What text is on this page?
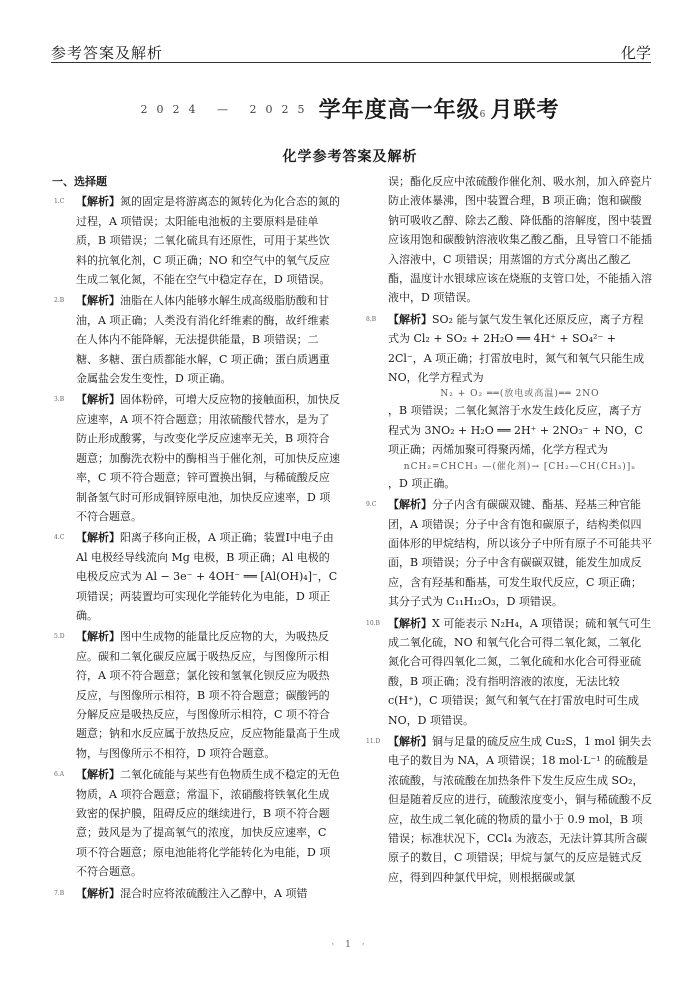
参考答案及解析	化学
$^{2024 — 2025}$ 学年度高一年级6 月联考
化学参考答案及解析
一、选择题
1.C 【解析】氮的固定是将游离态的氮转化为化合态的氮的过程，A 项错误；太阳能电池板的主要原料是硅单质，B 项错误；二氧化硫具有还原性，可用于某些饮料的抗氧化剂，C 项正确；NO 和空气中的氧气反应生成二氧化氮，不能在空气中稳定存在，D 项错误。
2.B 【解析】油脂在人体内能够水解生成高级脂肪酸和甘油，A 项正确；人类没有消化纤维素的酶，故纤维素在人体内不能降解，无法提供能量，B 项错误；二糖、多糖、蛋白质都能水解，C 项正确；蛋白质遇重金属盐会发生变性，D 项正确。
3.B 【解析】固体粉碎，可增大反应物的接触面积，加快反应速率，A 项不符合题意；用浓硫酸代替水，是为了防止形成酸雾，与改变化学反应速率无关，B 项符合题意；加酶洗衣粉中的酶相当于催化剂，可加快反应速率，C 项不符合题意；锌可置换出铜，与稀硫酸反应制备氢气时可形成铜锌原电池，加快反应速率，D 项不符合题意。
4.C 【解析】阳离子移向正极，A 项正确；装置Ⅰ中电子由 Al 电极经导线流向 Mg 电极，B 项正确；Al 电极的电极反应式为 Al − 3e⁻ + 4OH⁻ ══ [Al(OH)₄]⁻，C 项错误；两装置均可实现化学能转化为电能，D 项正确。
5.D 【解析】图中生成物的能量比反应物的大，为吸热反应。碳和二氧化碳反应属于吸热反应，与图像所示相符，A 项不符合题意；氯化铵和氢氧化钡反应为吸热反应，与图像所示相符，B 项不符合题意；碳酸钙的分解反应是吸热反应，与图像所示相符，C 项不符合题意；钠和水反应属于放热反应，反应物能量高于生成物，与图像所示不相符，D 项符合题意。
6.A 【解析】二氧化硫能与某些有色物质生成不稳定的无色物质，A 项符合题意；常温下，浓硝酸将铁氧化生成致密的保护膜，阻碍反应的继续进行，B 项不符合题意；鼓风是为了提高氧气的浓度，加快反应速率，C 项不符合题意；原电池能将化学能转化为电能，D 项不符合题意。
7.B 【解析】混合时应将浓硫酸注入乙醇中，A 项错
误；酯化反应中浓硫酸作催化剂、吸水剂，加入碎瓷片防止液体暴沸，图中装置合理，B 项正确；饱和碳酸钠可吸收乙醇、除去乙酸、降低酯的溶解度，图中装置应该用饱和碳酸钠溶液收集乙酸乙酯，且导管口不能插入溶液中，C 项错误；用蒸馏的方式分离出乙酸乙酯，温度计水银球应该在烧瓶的支管口处，不能插入溶液中，D 项错误。
8.B 【解析】SO₂ 能与氯气发生氧化还原反应，离子方程式为 Cl₂ + SO₂ + 2H₂O ══ 4H⁺ + SO₄²⁻ + 2Cl⁻，A 项正确；打雷放电时，氮气和氧气只能生成 NO，化学方程式为
N₂ + O₂ ══(放电或高温)══ 2NO
，B 项错误；二氧化氮溶于水发生歧化反应，离子方程式为 3NO₂ + H₂O ══ 2H⁺ + 2NO₃⁻ + NO，C 项正确；丙烯加聚可得聚丙烯，化学方程式为
nCH₂=CHCH₃ —(催化剂)→ [CH₂—CH(CH₃)]ₙ
，D 项正确。
9.C 【解析】分子内含有碳碳双键、酯基、羟基三种官能团，A 项错误；分子中含有饱和碳原子，结构类似四面体形的甲烷结构，所以该分子中所有原子不可能共平面，B 项错误；分子中含有碳碳双键，能发生加成反应，含有羟基和酯基，可发生取代反应，C 项正确；其分子式为 C₁₁H₁₂O₃，D 项错误。
10.B 【解析】X 可能表示 N₂H₄，A 项错误；硫和氧气可生成二氧化硫，NO 和氧气化合可得二氧化氮，二氧化氮化合可得四氧化二氮，二氧化硫和水化合可得亚硫酸，B 项正确；没有指明溶液的浓度，无法比较 c(H⁺)，C 项错误；氮气和氧气在打雷放电时可生成 NO，D 项错误。
11.D 【解析】铜与足量的硫反应生成 Cu₂S，1 mol 铜失去电子的数目为 NA，A 项错误；18 mol·L⁻¹ 的硫酸是浓硫酸，与浓硫酸在加热条件下发生反应生成 SO₂，但是随着反应的进行，硫酸浓度变小，铜与稀硫酸不反应，故生成二氧化硫的物质的量小于 0.9 mol，B 项错误；标准状况下，CCl₄ 为液态，无法计算其所含碳原子的数目，C 项错误；甲烷与氯气的反应是链式反应，得到四种氯代甲烷，则根据碳或氯
· 1 ·
